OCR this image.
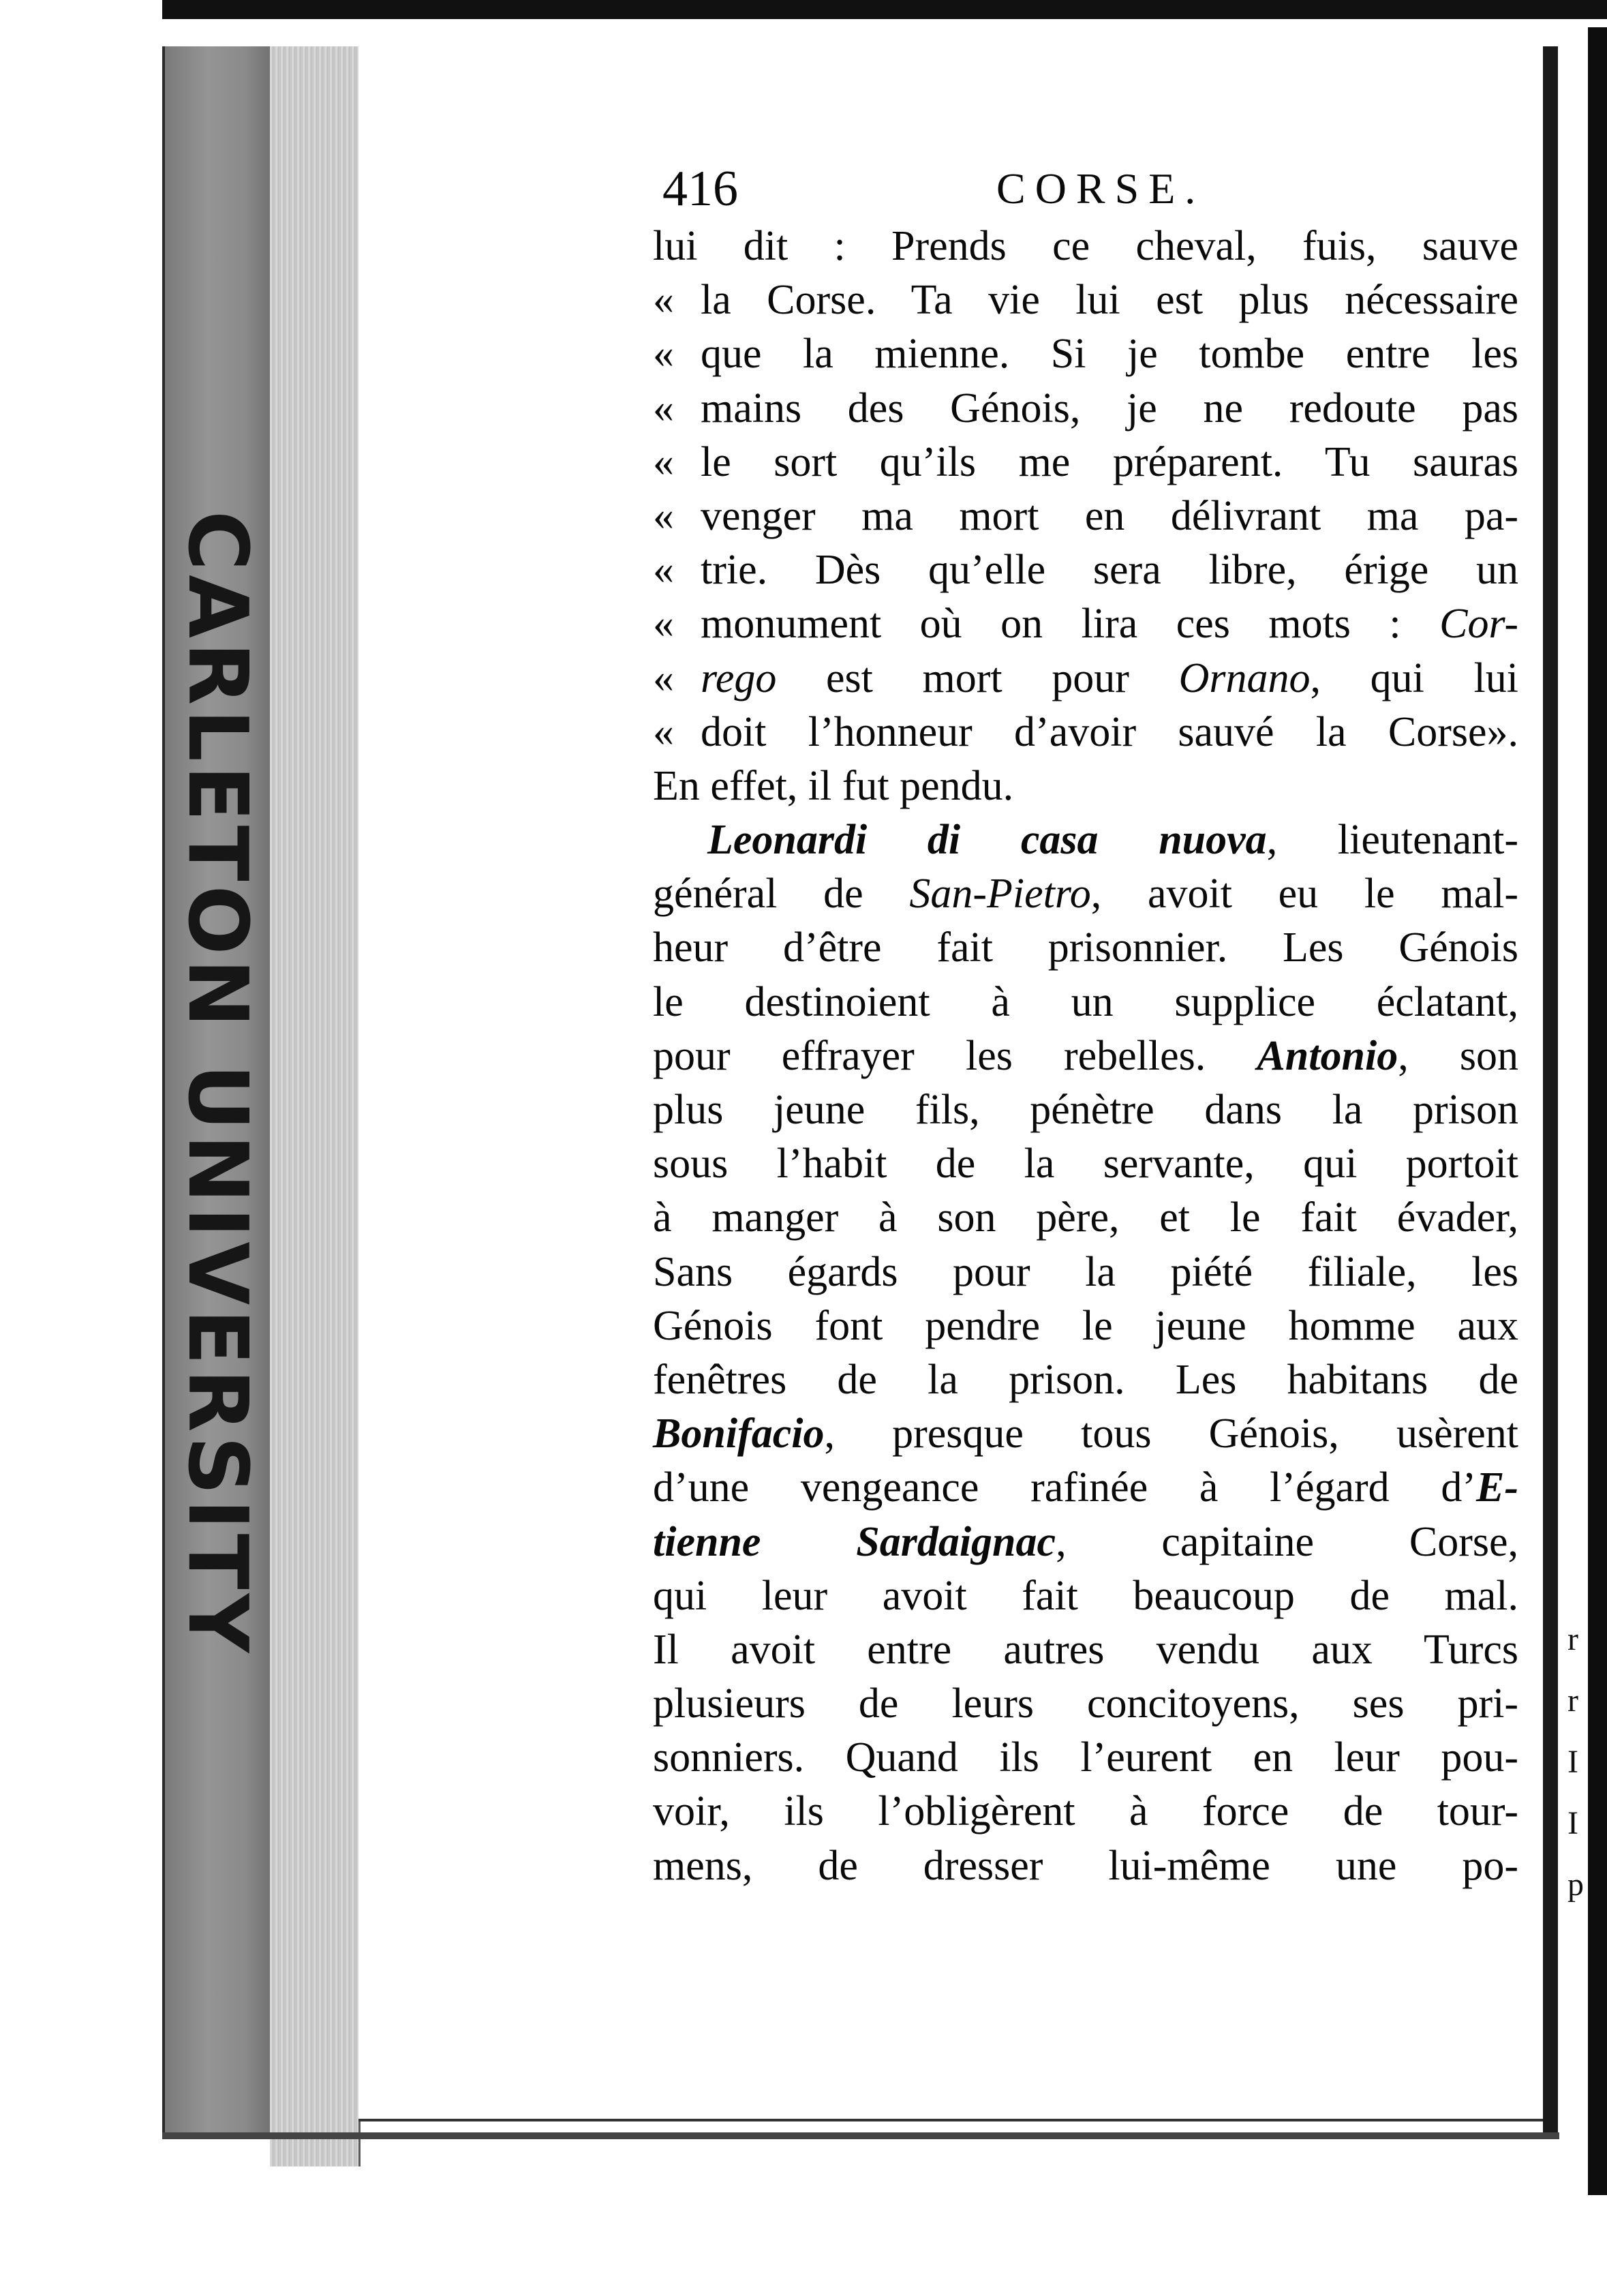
CARLETON UNIVERSITY
416	CORSE.
lui dit : Prends ce cheval, fuis, sauve
« la Corse. Ta vie lui est plus nécessaire
« que la mienne. Si je tombe entre les
« mains des Génois, je ne redoute pas
« le sort qu’ils me préparent. Tu sauras
« venger ma mort en délivrant ma pa-
« trie. Dès qu’elle sera libre, érige un
« monument où on lira ces mots : Cor-
« rego est mort pour Ornano, qui lui
« doit l’honneur d’avoir sauvé la Corse».
En effet, il fut pendu.
Leonardi di casa nuova, lieutenant-
général de San-Pietro, avoit eu le mal-
heur d’être fait prisonnier. Les Génois
le destinoient à un supplice éclatant,
pour effrayer les rebelles. Antonio, son
plus jeune fils, pénètre dans la prison
sous l’habit de la servante, qui portoit
à manger à son père, et le fait évader,
Sans égards pour la piété filiale, les
Génois font pendre le jeune homme aux
fenêtres de la prison. Les habitans de
Bonifacio, presque tous Génois, usèrent
d’une vengeance rafinée à l’égard d’E-
tienne Sardaignac, capitaine Corse,
qui leur avoit fait beaucoup de mal.
Il avoit entre autres vendu aux Turcs
plusieurs de leurs concitoyens, ses pri-
sonniers. Quand ils l’eurent en leur pou-
voir, ils l’obligèrent à force de tour-
mens, de dresser lui-même une po-
r
r
I
I
p
